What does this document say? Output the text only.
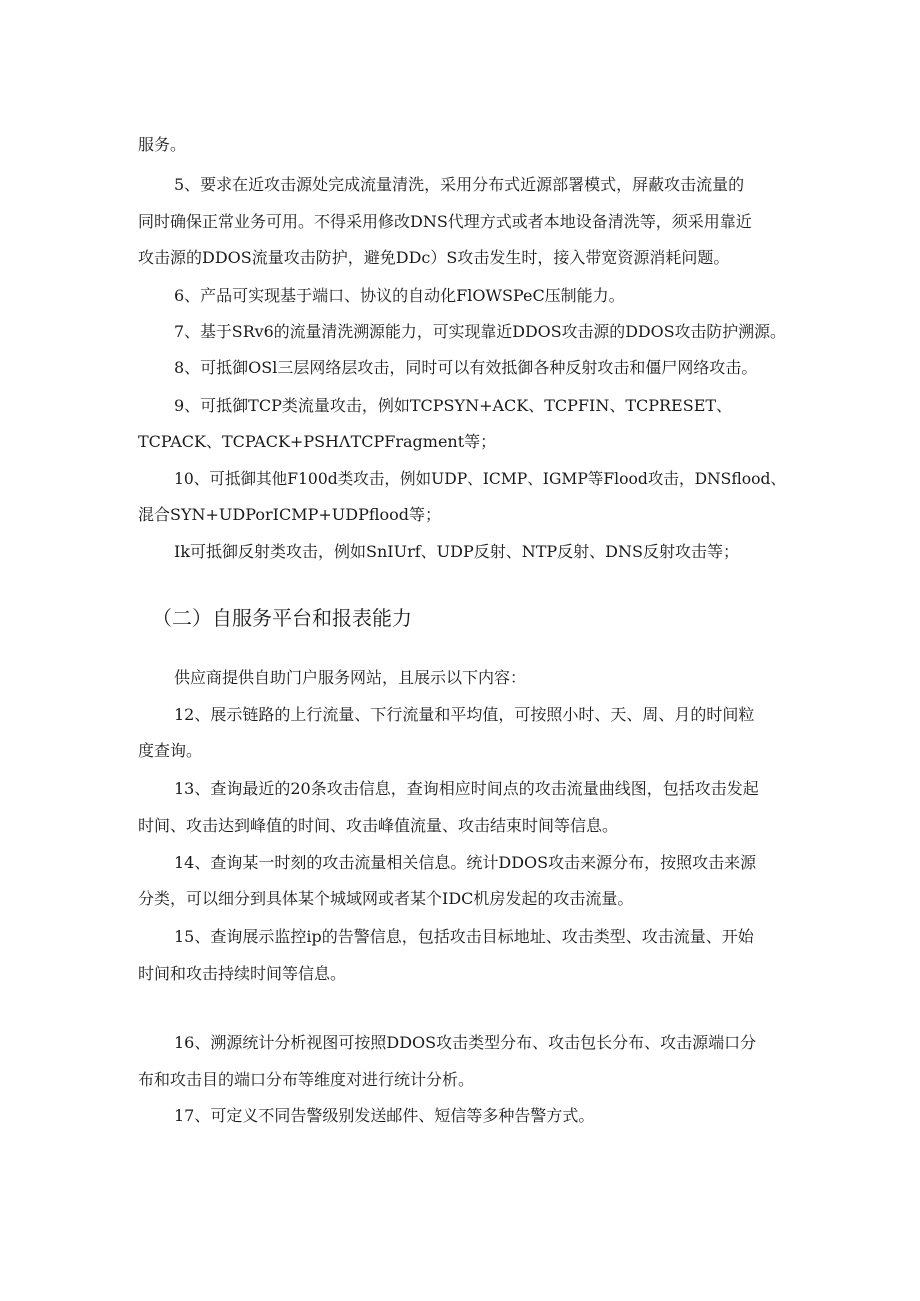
服务。
5、要求在近攻击源处完成流量清洗，采用分布式近源部署模式，屏蔽攻击流量的
同时确保正常业务可用。不得采用修改DNS代理方式或者本地设备清洗等，须采用靠近
攻击源的DDOS流量攻击防护，避免DDc）S攻击发生时，接入带宽资源消耗问题。
6、产品可实现基于端口、协议的自动化FlOWSPeC压制能力。
7、基于SRv6的流量清洗溯源能力，可实现靠近DDOS攻击源的DDOS攻击防护溯源。
8、可抵御OSl三层网络层攻击，同时可以有效抵御各种反射攻击和僵尸网络攻击。
9、可抵御TCP类流量攻击，例如TCPSYN+ACK、TCPFIN、TCPRESET、
TCPACK、TCPACK+PSHΛTCPFragment等；
10、可抵御其他F100d类攻击，例如UDP、ICMP、IGMP等Flood攻击，DNSflood、
混合SYN+UDPorICMP+UDPflood等；
Ik可抵御反射类攻击，例如SnIUrf、UDP反射、NTP反射、DNS反射攻击等；
（二）自服务平台和报表能力
供应商提供自助门户服务网站，且展示以下内容：
12、展示链路的上行流量、下行流量和平均值，可按照小时、天、周、月的时间粒
度查询。
13、查询最近的20条攻击信息，查询相应时间点的攻击流量曲线图，包括攻击发起
时间、攻击达到峰值的时间、攻击峰值流量、攻击结束时间等信息。
14、查询某一时刻的攻击流量相关信息。统计DDOS攻击来源分布，按照攻击来源
分类，可以细分到具体某个城域网或者某个IDC机房发起的攻击流量。
15、查询展示监控ip的告警信息，包括攻击目标地址、攻击类型、攻击流量、开始
时间和攻击持续时间等信息。
16、溯源统计分析视图可按照DDOS攻击类型分布、攻击包长分布、攻击源端口分
布和攻击目的端口分布等维度对进行统计分析。
17、可定义不同告警级别发送邮件、短信等多种告警方式。
